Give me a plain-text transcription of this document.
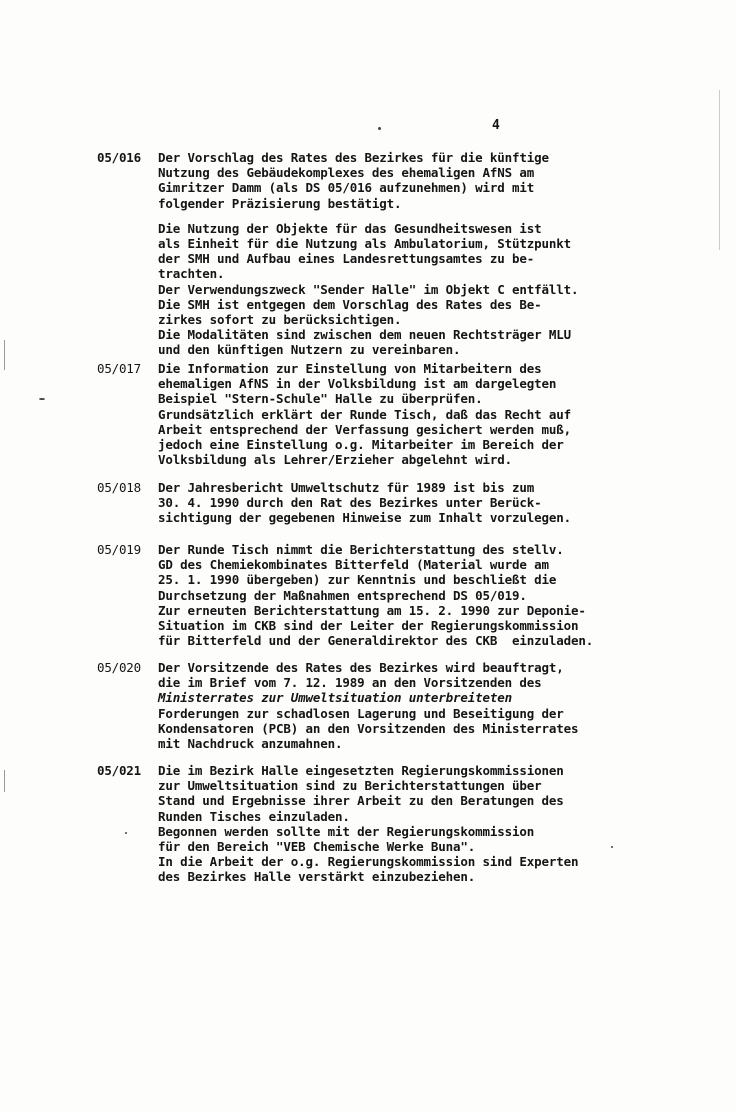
4
05/016 Der Vorschlag des Rates des Bezirkes für die künftige
Nutzung des Gebäudekomplexes des ehemaligen AfNS am
Gimritzer Damm (als DS 05/016 aufzunehmen) wird mit
folgender Präzisierung bestätigt.
Die Nutzung der Objekte für das Gesundheitswesen ist
als Einheit für die Nutzung als Ambulatorium, Stützpunkt
der SMH und Aufbau eines Landesrettungsamtes zu be-
trachten.
Der Verwendungszweck "Sender Halle" im Objekt C entfällt.
Die SMH ist entgegen dem Vorschlag des Rates des Be-
zirkes sofort zu berücksichtigen.
Die Modalitäten sind zwischen dem neuen Rechtsträger MLU
und den künftigen Nutzern zu vereinbaren.
05/017 Die Information zur Einstellung von Mitarbeitern des
ehemaligen AfNS in der Volksbildung ist am dargelegten
Beispiel "Stern-Schule" Halle zu überprüfen.
Grundsätzlich erklärt der Runde Tisch, daß das Recht auf
Arbeit entsprechend der Verfassung gesichert werden muß,
jedoch eine Einstellung o.g. Mitarbeiter im Bereich der
Volksbildung als Lehrer/Erzieher abgelehnt wird.
05/018 Der Jahresbericht Umweltschutz für 1989 ist bis zum
30. 4. 1990 durch den Rat des Bezirkes unter Berück-
sichtigung der gegebenen Hinweise zum Inhalt vorzulegen.
05/019 Der Runde Tisch nimmt die Berichterstattung des stellv.
GD des Chemiekombinates Bitterfeld (Material wurde am
25. 1. 1990 übergeben) zur Kenntnis und beschließt die
Durchsetzung der Maßnahmen entsprechend DS 05/019.
Zur erneuten Berichterstattung am 15. 2. 1990 zur Deponie-
Situation im CKB sind der Leiter der Regierungskommission
für Bitterfeld und der Generaldirektor des CKB  einzuladen.
05/020 Der Vorsitzende des Rates des Bezirkes wird beauftragt,
die im Brief vom 7. 12. 1989 an den Vorsitzenden des
Ministerrates zur Umweltsituation unterbreiteten
Forderungen zur schadlosen Lagerung und Beseitigung der
Kondensatoren (PCB) an den Vorsitzenden des Ministerrates
mit Nachdruck anzumahnen.
05/021 Die im Bezirk Halle eingesetzten Regierungskommissionen
zur Umweltsituation sind zu Berichterstattungen über
Stand und Ergebnisse ihrer Arbeit zu den Beratungen des
Runden Tisches einzuladen.
Begonnen werden sollte mit der Regierungskommission
für den Bereich "VEB Chemische Werke Buna".
In die Arbeit der o.g. Regierungskommission sind Experten
des Bezirkes Halle verstärkt einzubeziehen.
